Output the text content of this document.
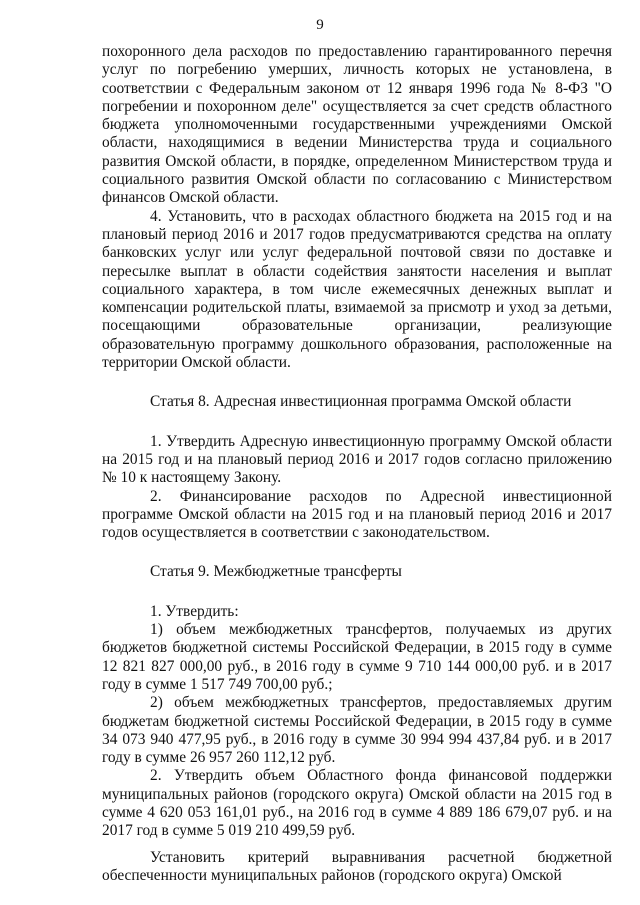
9

похоронного дела расходов по предоставлению гарантированного перечня услуг по погребению умерших, личность которых не установлена, в соответствии с Федеральным законом от 12 января 1996 года № 8-ФЗ "О погребении и похоронном деле" осуществляется за счет средств областного бюджета уполномоченными государственными учреждениями Омской области, находящимися в ведении Министерства труда и социального развития Омской области, в порядке, определенном Министерством труда и социального развития Омской области по согласованию с Министерством финансов Омской области.

4. Установить, что в расходах областного бюджета на 2015 год и на плановый период 2016 и 2017 годов предусматриваются средства на оплату банковских услуг или услуг федеральной почтовой связи по доставке и пересылке выплат в области содействия занятости населения и выплат социального характера, в том числе ежемесячных денежных выплат и компенсации родительской платы, взимаемой за присмотр и уход за детьми, посещающими образовательные организации, реализующие образовательную программу дошкольного образования, расположенные на территории Омской области.

Статья 8. Адресная инвестиционная программа Омской области

1. Утвердить Адресную инвестиционную программу Омской области на 2015 год и на плановый период 2016 и 2017 годов согласно приложению № 10 к настоящему Закону.

2. Финансирование расходов по Адресной инвестиционной программе Омской области на 2015 год и на плановый период 2016 и 2017 годов осуществляется в соответствии с законодательством.

Статья 9. Межбюджетные трансферты

1. Утвердить:

1) объем межбюджетных трансфертов, получаемых из других бюджетов бюджетной системы Российской Федерации, в 2015 году в сумме 12 821 827 000,00 руб., в 2016 году в сумме 9 710 144 000,00 руб. и в 2017 году в сумме 1 517 749 700,00 руб.;

2) объем межбюджетных трансфертов, предоставляемых другим бюджетам бюджетной системы Российской Федерации, в 2015 году в сумме 34 073 940 477,95 руб., в 2016 году в сумме 30 994 994 437,84 руб. и в 2017 году в сумме 26 957 260 112,12 руб.

2. Утвердить объем Областного фонда финансовой поддержки муниципальных районов (городского округа) Омской области на 2015 год в сумме 4 620 053 161,01 руб., на 2016 год в сумме 4 889 186 679,07 руб. и на 2017 год в сумме 5 019 210 499,59 руб.

Установить критерий выравнивания расчетной бюджетной обеспеченности муниципальных районов (городского округа) Омской
